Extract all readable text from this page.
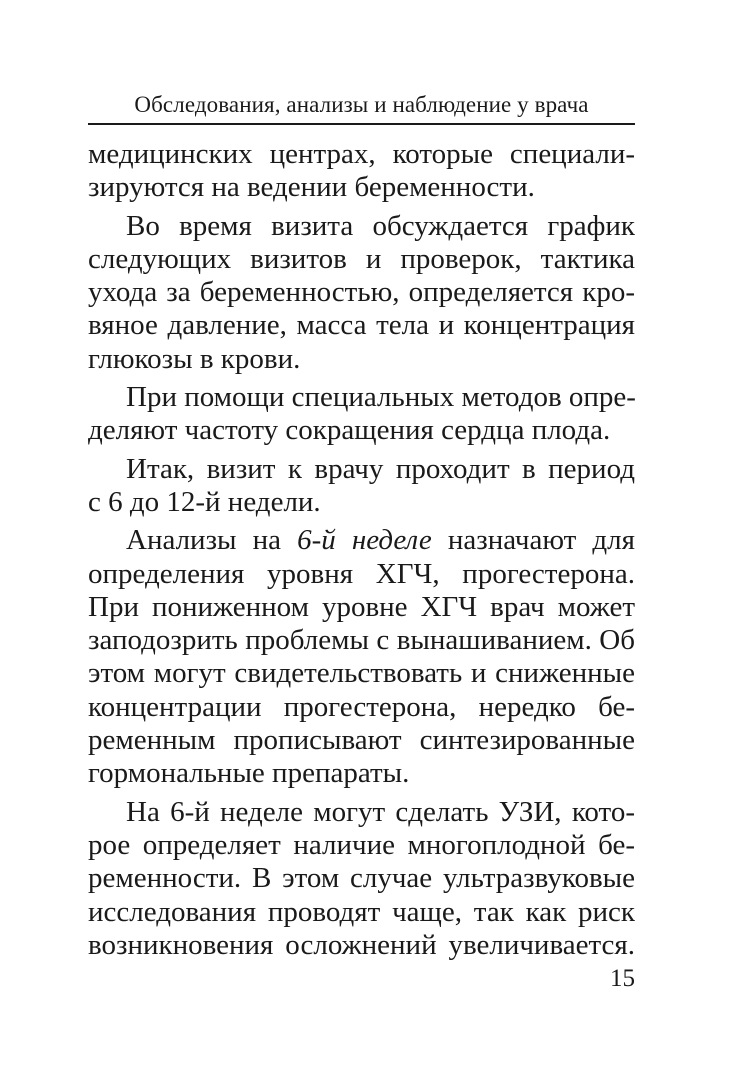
Обследования, анализы и наблюдение у врача
медицинских центрах, которые специали-
зируются на ведении беременности.
Во время визита обсуждается график
следующих визитов и проверок, тактика
ухода за беременностью, определяется кро-
вяное давление, масса тела и концентрация
глюкозы в крови.
При помощи специальных методов опре-
деляют частоту сокращения сердца плода.
Итак, визит к врачу проходит в период
с 6 до 12-й недели.
Анализы на 6-й неделе назначают для
определения уровня ХГЧ, прогестерона.
При пониженном уровне ХГЧ врач может
заподозрить проблемы с вынашиванием. Об
этом могут свидетельствовать и сниженные
концентрации прогестерона, нередко бе-
ременным прописывают синтезированные
гормональные препараты.
На 6-й неделе могут сделать УЗИ, кото-
рое определяет наличие многоплодной бе-
ременности. В этом случае ультразвуковые
исследования проводят чаще, так как риск
возникновения осложнений увеличивается.
15
